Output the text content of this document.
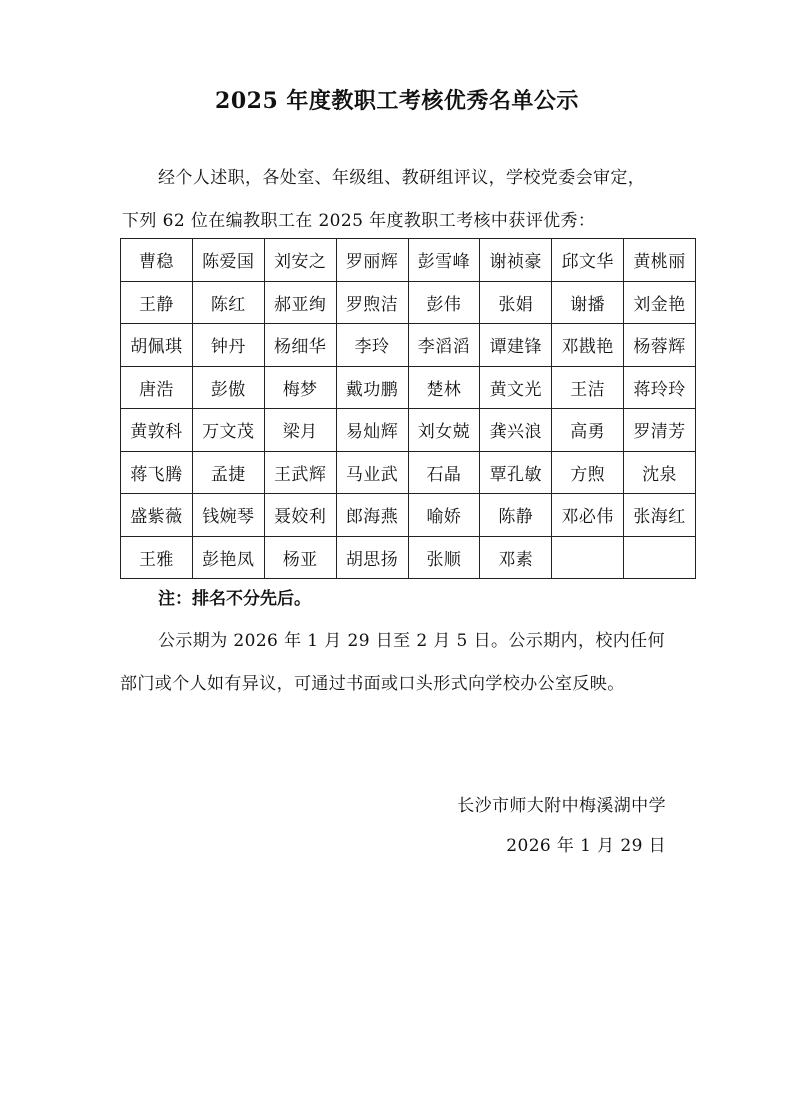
2025 年度教职工考核优秀名单公示
经个人述职，各处室、年级组、教研组评议，学校党委会审定，
下列 62 位在编教职工在 2025 年度教职工考核中获评优秀：
曹稳	陈爱国	刘安之	罗丽辉	彭雪峰	谢祯豪	邱文华	黄桃丽
王静	陈红	郝亚绚	罗煦洁	彭伟	张娟	谢播	刘金艳
胡佩琪	钟丹	杨细华	李玲	李滔滔	谭建锋	邓戡艳	杨蓉辉
唐浩	彭傲	梅梦	戴功鹏	楚林	黄文光	王洁	蒋玲玲
黄敦科	万文茂	梁月	易灿辉	刘女兢	龚兴浪	高勇	罗清芳
蒋飞腾	孟捷	王武辉	马业武	石晶	覃孔敏	方煦	沈泉
盛紫薇	钱婉琴	聂姣利	郎海燕	喻娇	陈静	邓必伟	张海红
王雅	彭艳凤	杨亚	胡思扬	张顺	邓素		
注：排名不分先后。
公示期为 2026 年 1 月 29 日至 2 月 5 日。公示期内，校内任何
部门或个人如有异议，可通过书面或口头形式向学校办公室反映。
长沙市师大附中梅溪湖中学
2026 年 1 月 29 日
